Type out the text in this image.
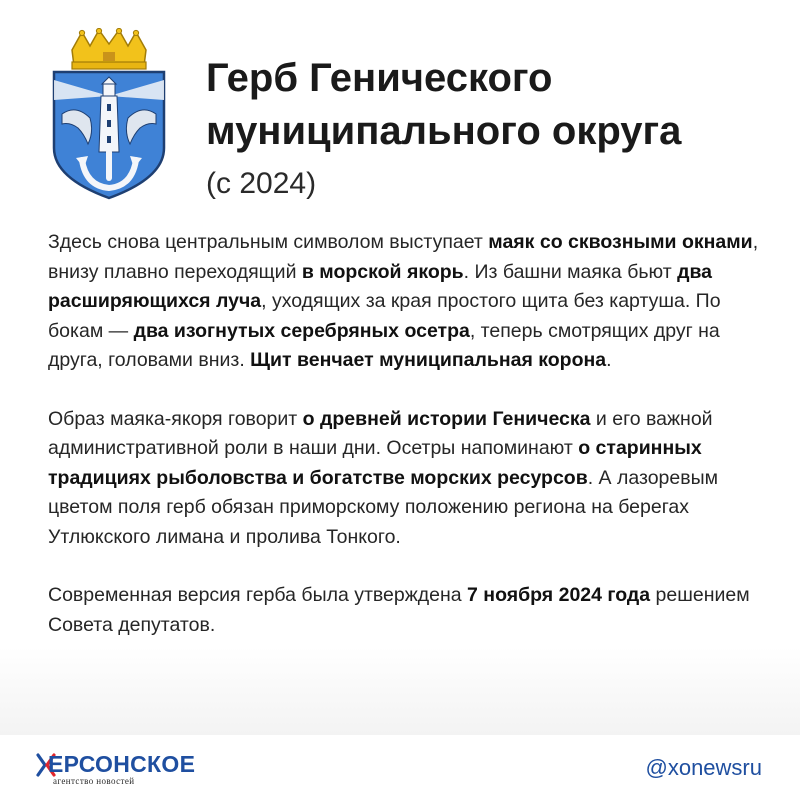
Герб Генического
муниципального округа

(с 2024)

Здесь снова центральным символом выступает маяк со сквозными окнами, внизу плавно переходящий в морской якорь. Из башни маяка бьют два расширяющихся луча, уходящих за края простого щита без картуша. По бокам — два изогнутых серебряных осетра, теперь смотрящих друг на друга, головами вниз. Щит венчает муниципальная корона.

Образ маяка-якоря говорит о древней истории Геническа и его важной административной роли в наши дни. Осетры напоминают о старинных традициях рыболовства и богатстве морских ресурсов. А лазоревым цветом поля герб обязан приморскому положению региона на берегах Утлюкского лимана и пролива Тонкого.

Современная версия герба была утверждена 7 ноября 2024 года решением Совета депутатов.

ЕРСОНСКОЕ

агентство новостей

@xonewsru
